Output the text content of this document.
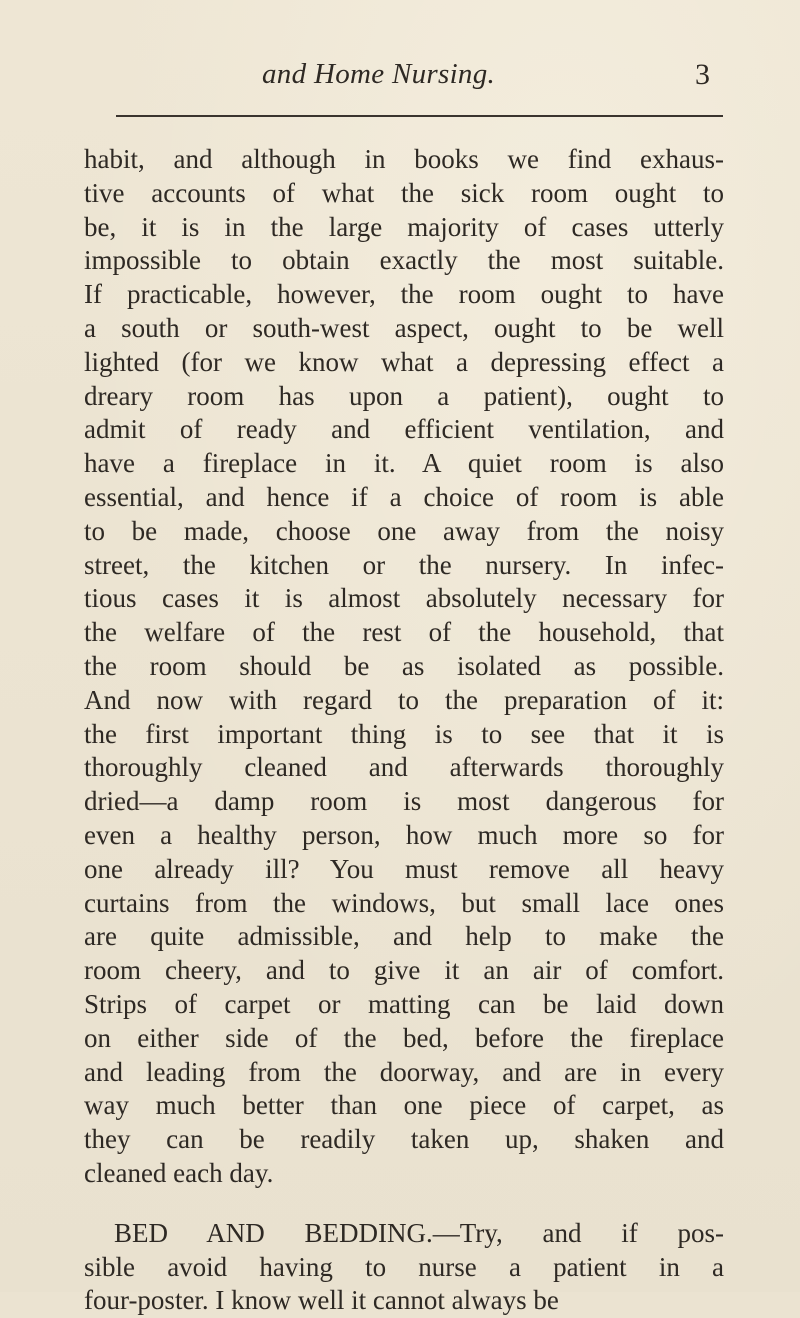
and Home Nursing.	3
habit, and although in books we find exhaus-
tive accounts of what the sick room ought to
be, it is in the large majority of cases utterly
impossible to obtain exactly the most suitable.
If practicable, however, the room ought to have
a south or south-west aspect, ought to be well
lighted (for we know what a depressing effect a
dreary room has upon a patient), ought to
admit of ready and efficient ventilation, and
have a fireplace in it. A quiet room is also
essential, and hence if a choice of room is able
to be made, choose one away from the noisy
street, the kitchen or the nursery. In infec-
tious cases it is almost absolutely necessary for
the welfare of the rest of the household, that
the room should be as isolated as possible.
And now with regard to the preparation of it:
the first important thing is to see that it is
thoroughly cleaned and afterwards thoroughly
dried—a damp room is most dangerous for
even a healthy person, how much more so for
one already ill? You must remove all heavy
curtains from the windows, but small lace ones
are quite admissible, and help to make the
room cheery, and to give it an air of comfort.
Strips of carpet or matting can be laid down
on either side of the bed, before the fireplace
and leading from the doorway, and are in every
way much better than one piece of carpet, as
they can be readily taken up, shaken and
cleaned each day.
BED AND BEDDING.—Try, and if pos-
sible avoid having to nurse a patient in a
four-poster. I know well it cannot always be
